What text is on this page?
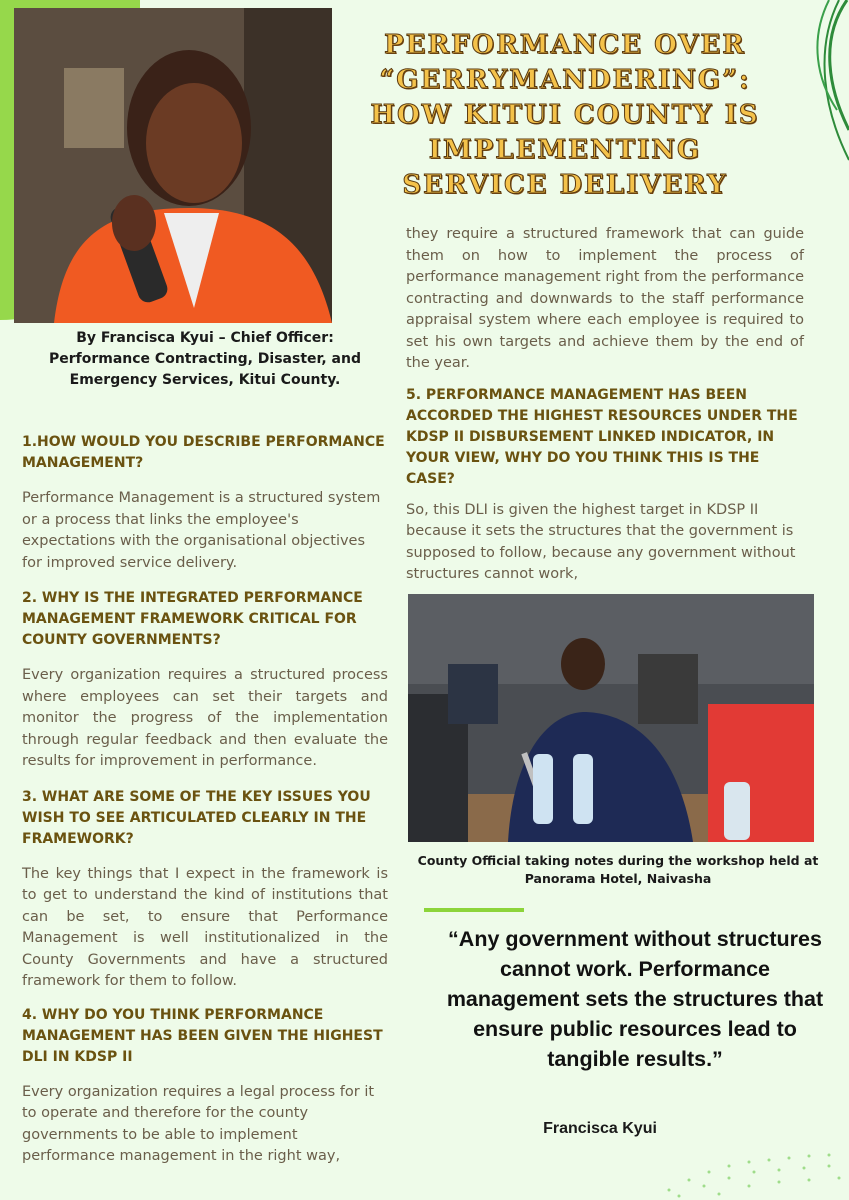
By Francisca Kyui – Chief Officer: Performance Contracting, Disaster, and Emergency Services, Kitui County.
PERFORMANCE OVER “GERRYMANDERING”: HOW KITUI COUNTY IS IMPLEMENTING SERVICE DELIVERY

1.HOW WOULD YOU DESCRIBE PERFORMANCE MANAGEMENT?

Performance Management is a structured system or a process that links the employee's expectations with the organisational objectives for improved service delivery.

2. WHY IS THE INTEGRATED PERFORMANCE MANAGEMENT FRAMEWORK CRITICAL FOR COUNTY GOVERNMENTS?

Every organization requires a structured process where employees can set their targets and monitor the progress of the implementation through regular feedback and then evaluate the results for improvement in performance.

3. WHAT ARE SOME OF THE KEY ISSUES YOU WISH TO SEE ARTICULATED CLEARLY IN THE FRAMEWORK?

The key things that I expect in the framework is to get to understand the kind of institutions that can be set, to ensure that Performance Management is well institutionalized in the County Governments and have a structured framework for them to follow.

4. WHY DO YOU THINK PERFORMANCE MANAGEMENT HAS BEEN GIVEN THE HIGHEST DLI IN KDSP II

Every organization requires a legal process for it to operate and therefore for the county governments to be able to implement performance management in the right way,

they require a structured framework that can guide them on how to implement the process of performance management right from the performance contracting and downwards to the staff performance appraisal system where each employee is required to set his own targets and achieve them by the end of the year.

5. PERFORMANCE MANAGEMENT HAS BEEN ACCORDED THE HIGHEST RESOURCES UNDER THE KDSP II DISBURSEMENT LINKED INDICATOR, IN YOUR VIEW, WHY DO YOU THINK THIS IS THE CASE?

So, this DLI is given the highest target in KDSP II because it sets the structures that the government is supposed to follow, because any government without structures cannot work,

County Official taking notes during the workshop held at Panorama Hotel, Naivasha
“Any government without structures cannot work. Performance management sets the structures that ensure public resources lead to tangible results.”
Francisca Kyui
